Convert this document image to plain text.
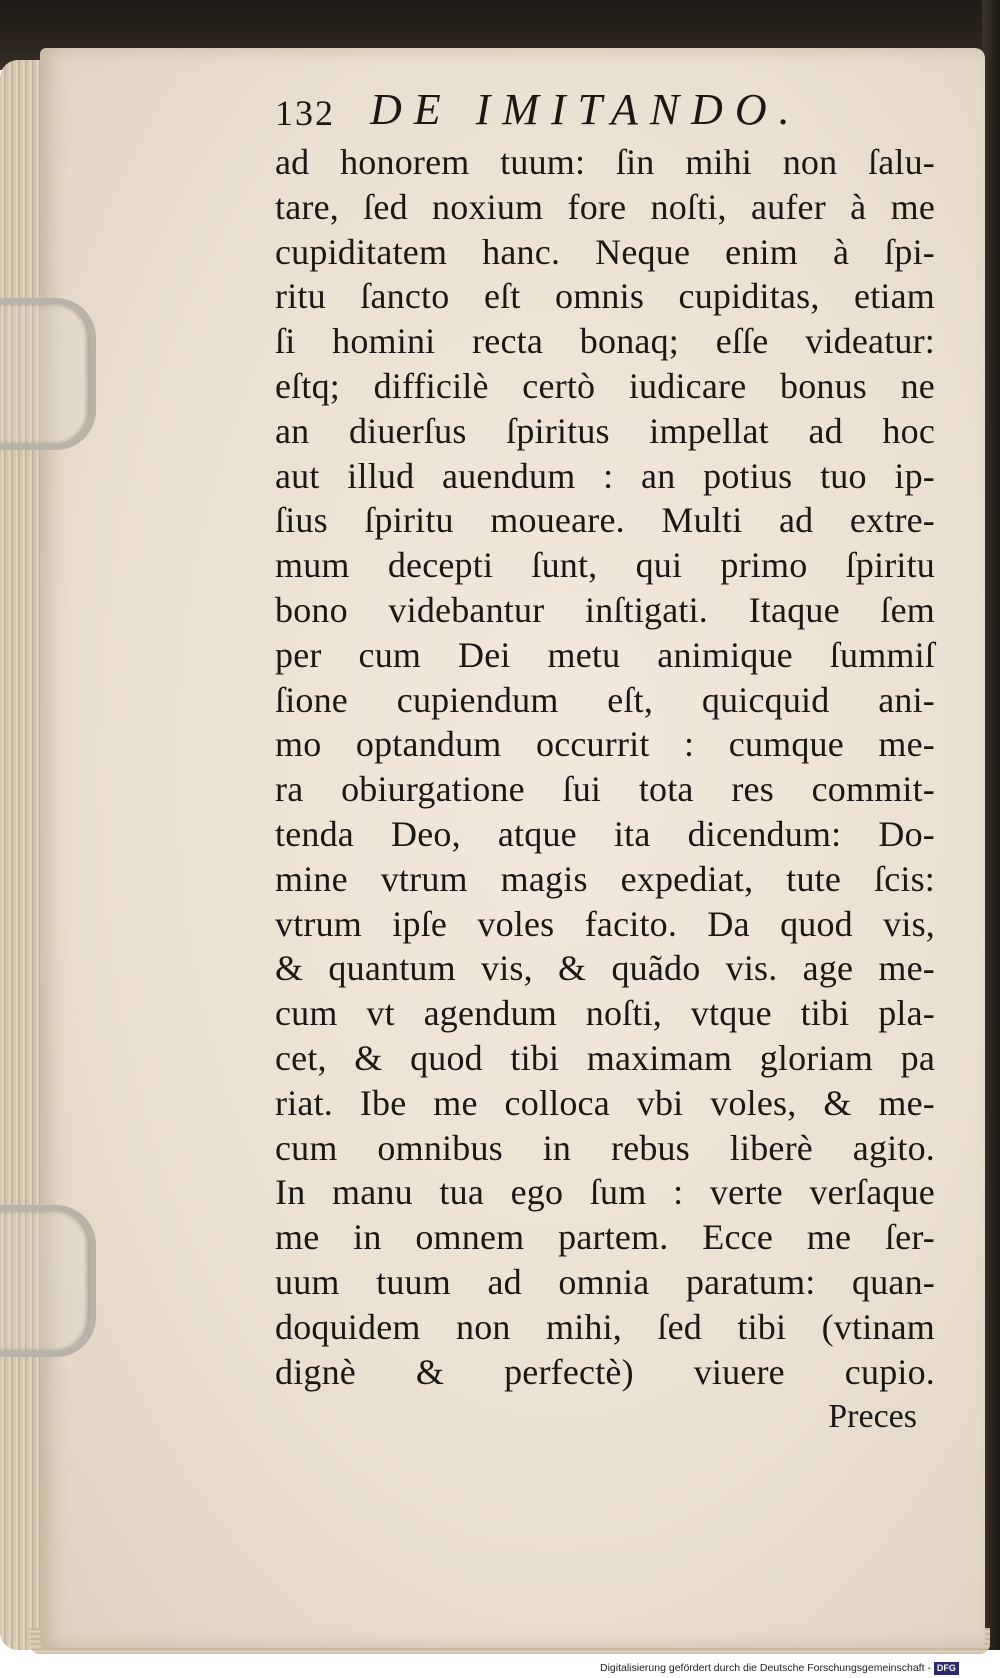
132 DE IMITANDO.
ad honorem tuum: ſin mihi non ſalu-
tare, ſed noxium fore noſti, aufer à me
cupiditatem hanc. Neque enim à ſpi-
ritu ſancto eſt omnis cupiditas, etiam
ſi homini recta bonaq; eſſe videatur:
eſtq; difficilè certò iudicare bonus ne
an diuerſus ſpiritus impellat ad hoc
aut illud auendum : an potius tuo ip-
ſius ſpiritu moueare. Multi ad extre-
mum decepti ſunt, qui primo ſpiritu
bono videbantur inſtigati. Itaque ſem
per cum Dei metu animique ſummiſ
ſione cupiendum eſt, quicquid ani-
mo optandum occurrit : cumque me-
ra obiurgatione ſui tota res commit-
tenda Deo, atque ita dicendum: Do-
mine vtrum magis expediat, tute ſcis:
vtrum ipſe voles facito. Da quod vis,
& quantum vis, & quãdo vis. age me-
cum vt agendum noſti, vtque tibi pla-
cet, & quod tibi maximam gloriam pa
riat. Ibe me colloca vbi voles, & me-
cum omnibus in rebus liberè agito.
In manu tua ego ſum : verte verſaque
me in omnem partem. Ecce me ſer-
uum tuum ad omnia paratum: quan-
doquidem non mihi, ſed tibi (vtinam
dignè & perfectè) viuere cupio.
Preces
Digitalisierung gefördert durch die Deutsche Forschungsgemeinschaft - DFG
